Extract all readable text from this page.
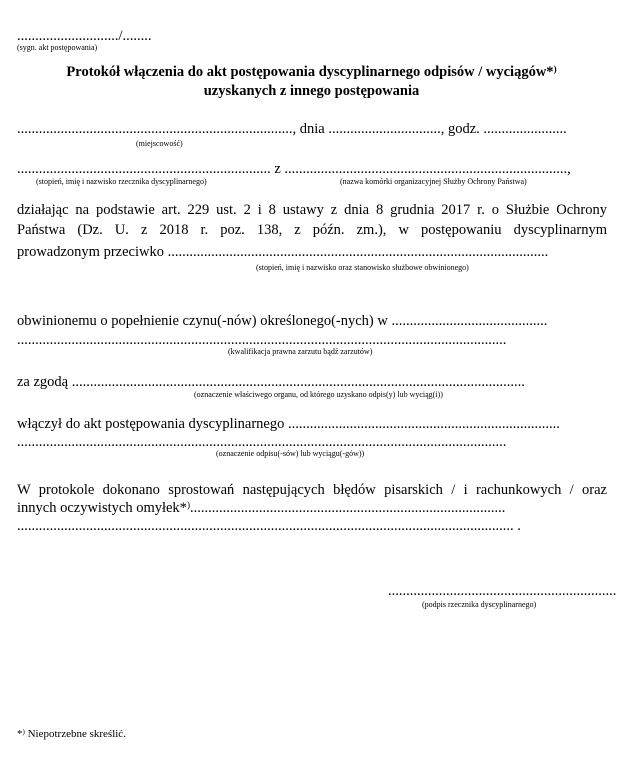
............................/........
(sygn. akt postępowania)
Protokół włączenia do akt postępowania dyscyplinarnego odpisów / wyciągów*)
uzyskanych z innego postępowania
............................................................................, dnia ..............................., godz. .......................
(miejscowość)
...................................................................... z ..............................................................................,
(stopień, imię i nazwisko rzecznika dyscyplinarnego)	(nazwa komórki organizacyjnej Służby Ochrony Państwa)
działając na podstawie art. 229 ust. 2 i 8 ustawy z dnia 8 grudnia 2017 r. o Służbie Ochrony
Państwa (Dz. U. z 2018 r. poz. 138, z późn. zm.), w postępowaniu dyscyplinarnym
prowadzonym przeciwko .........................................................................................................
(stopień, imię i nazwisko oraz stanowisko służbowe obwinionego)
obwinionemu o popełnienie czynu(-nów) określonego(-nych) w ...........................................
.......................................................................................................................................
(kwalifikacja prawna zarzutu bądź zarzutów)
za zgodą .............................................................................................................................
(oznaczenie właściwego organu, od którego uzyskano odpis(y) lub wyciąg(i))
włączył do akt postępowania dyscyplinarnego ...........................................................................
.......................................................................................................................................
(oznaczenie odpisu(-sów) lub wyciągu(-gów))
W protokole dokonano sprostowań następujących błędów pisarskich / i rachunkowych / oraz
innych oczywistych omyłek*).......................................................................................
......................................................................................................................................... .
...............................................................
(podpis rzecznika dyscyplinarnego)
*) Niepotrzebne skreślić.
